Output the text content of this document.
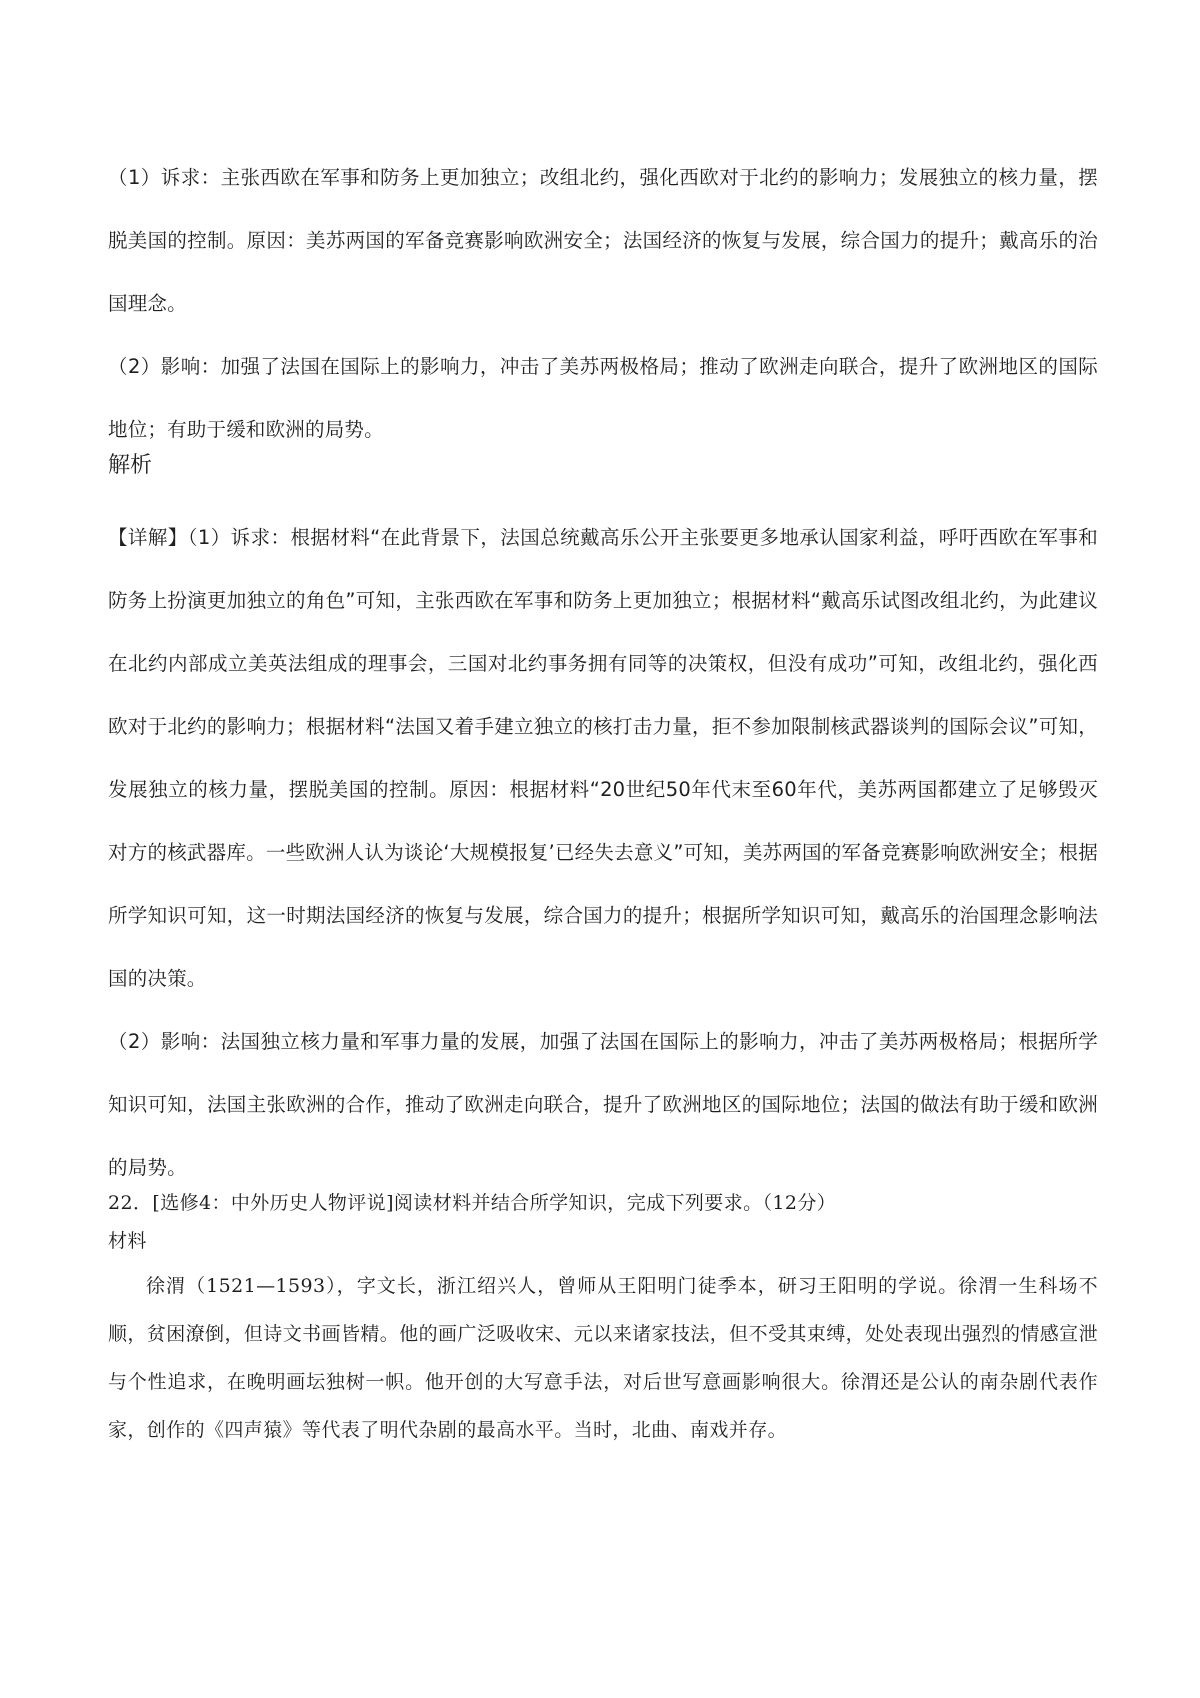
（1）诉求：主张西欧在军事和防务上更加独立；改组北约，强化西欧对于北约的影响力；发展独立的核力量，摆脱美国的控制。原因：美苏两国的军备竞赛影响欧洲安全；法国经济的恢复与发展，综合国力的提升；戴高乐的治国理念。

（2）影响：加强了法国在国际上的影响力，冲击了美苏两极格局；推动了欧洲走向联合，提升了欧洲地区的国际地位；有助于缓和欧洲的局势。

解析

【详解】（1）诉求：根据材料“在此背景下，法国总统戴高乐公开主张要更多地承认国家利益，呼吁西欧在军事和防务上扮演更加独立的角色”可知，主张西欧在军事和防务上更加独立；根据材料“戴高乐试图改组北约，为此建议在北约内部成立美英法组成的理事会，三国对北约事务拥有同等的决策权，但没有成功”可知，改组北约，强化西欧对于北约的影响力；根据材料“法国又着手建立独立的核打击力量，拒不参加限制核武器谈判的国际会议”可知，发展独立的核力量，摆脱美国的控制。原因：根据材料“20世纪50年代末至60年代，美苏两国都建立了足够毁灭对方的核武器库。一些欧洲人认为谈论‘大规模报复’已经失去意义”可知，美苏两国的军备竞赛影响欧洲安全；根据所学知识可知，这一时期法国经济的恢复与发展，综合国力的提升；根据所学知识可知，戴高乐的治国理念影响法国的决策。

（2）影响：法国独立核力量和军事力量的发展，加强了法国在国际上的影响力，冲击了美苏两极格局；根据所学知识可知，法国主张欧洲的合作，推动了欧洲走向联合，提升了欧洲地区的国际地位；法国的做法有助于缓和欧洲的局势。

22．[选修4：中外历史人物评说]阅读材料并结合所学知识，完成下列要求。（12分）

材料

徐渭（1521—1593），字文长，浙江绍兴人，曾师从王阳明门徒季本，研习王阳明的学说。徐渭一生科场不顺，贫困潦倒，但诗文书画皆精。他的画广泛吸收宋、元以来诸家技法，但不受其束缚，处处表现出强烈的情感宣泄与个性追求，在晚明画坛独树一帜。他开创的大写意手法，对后世写意画影响很大。徐渭还是公认的南杂剧代表作家，创作的《四声猿》等代表了明代杂剧的最高水平。当时，北曲、南戏并存。
